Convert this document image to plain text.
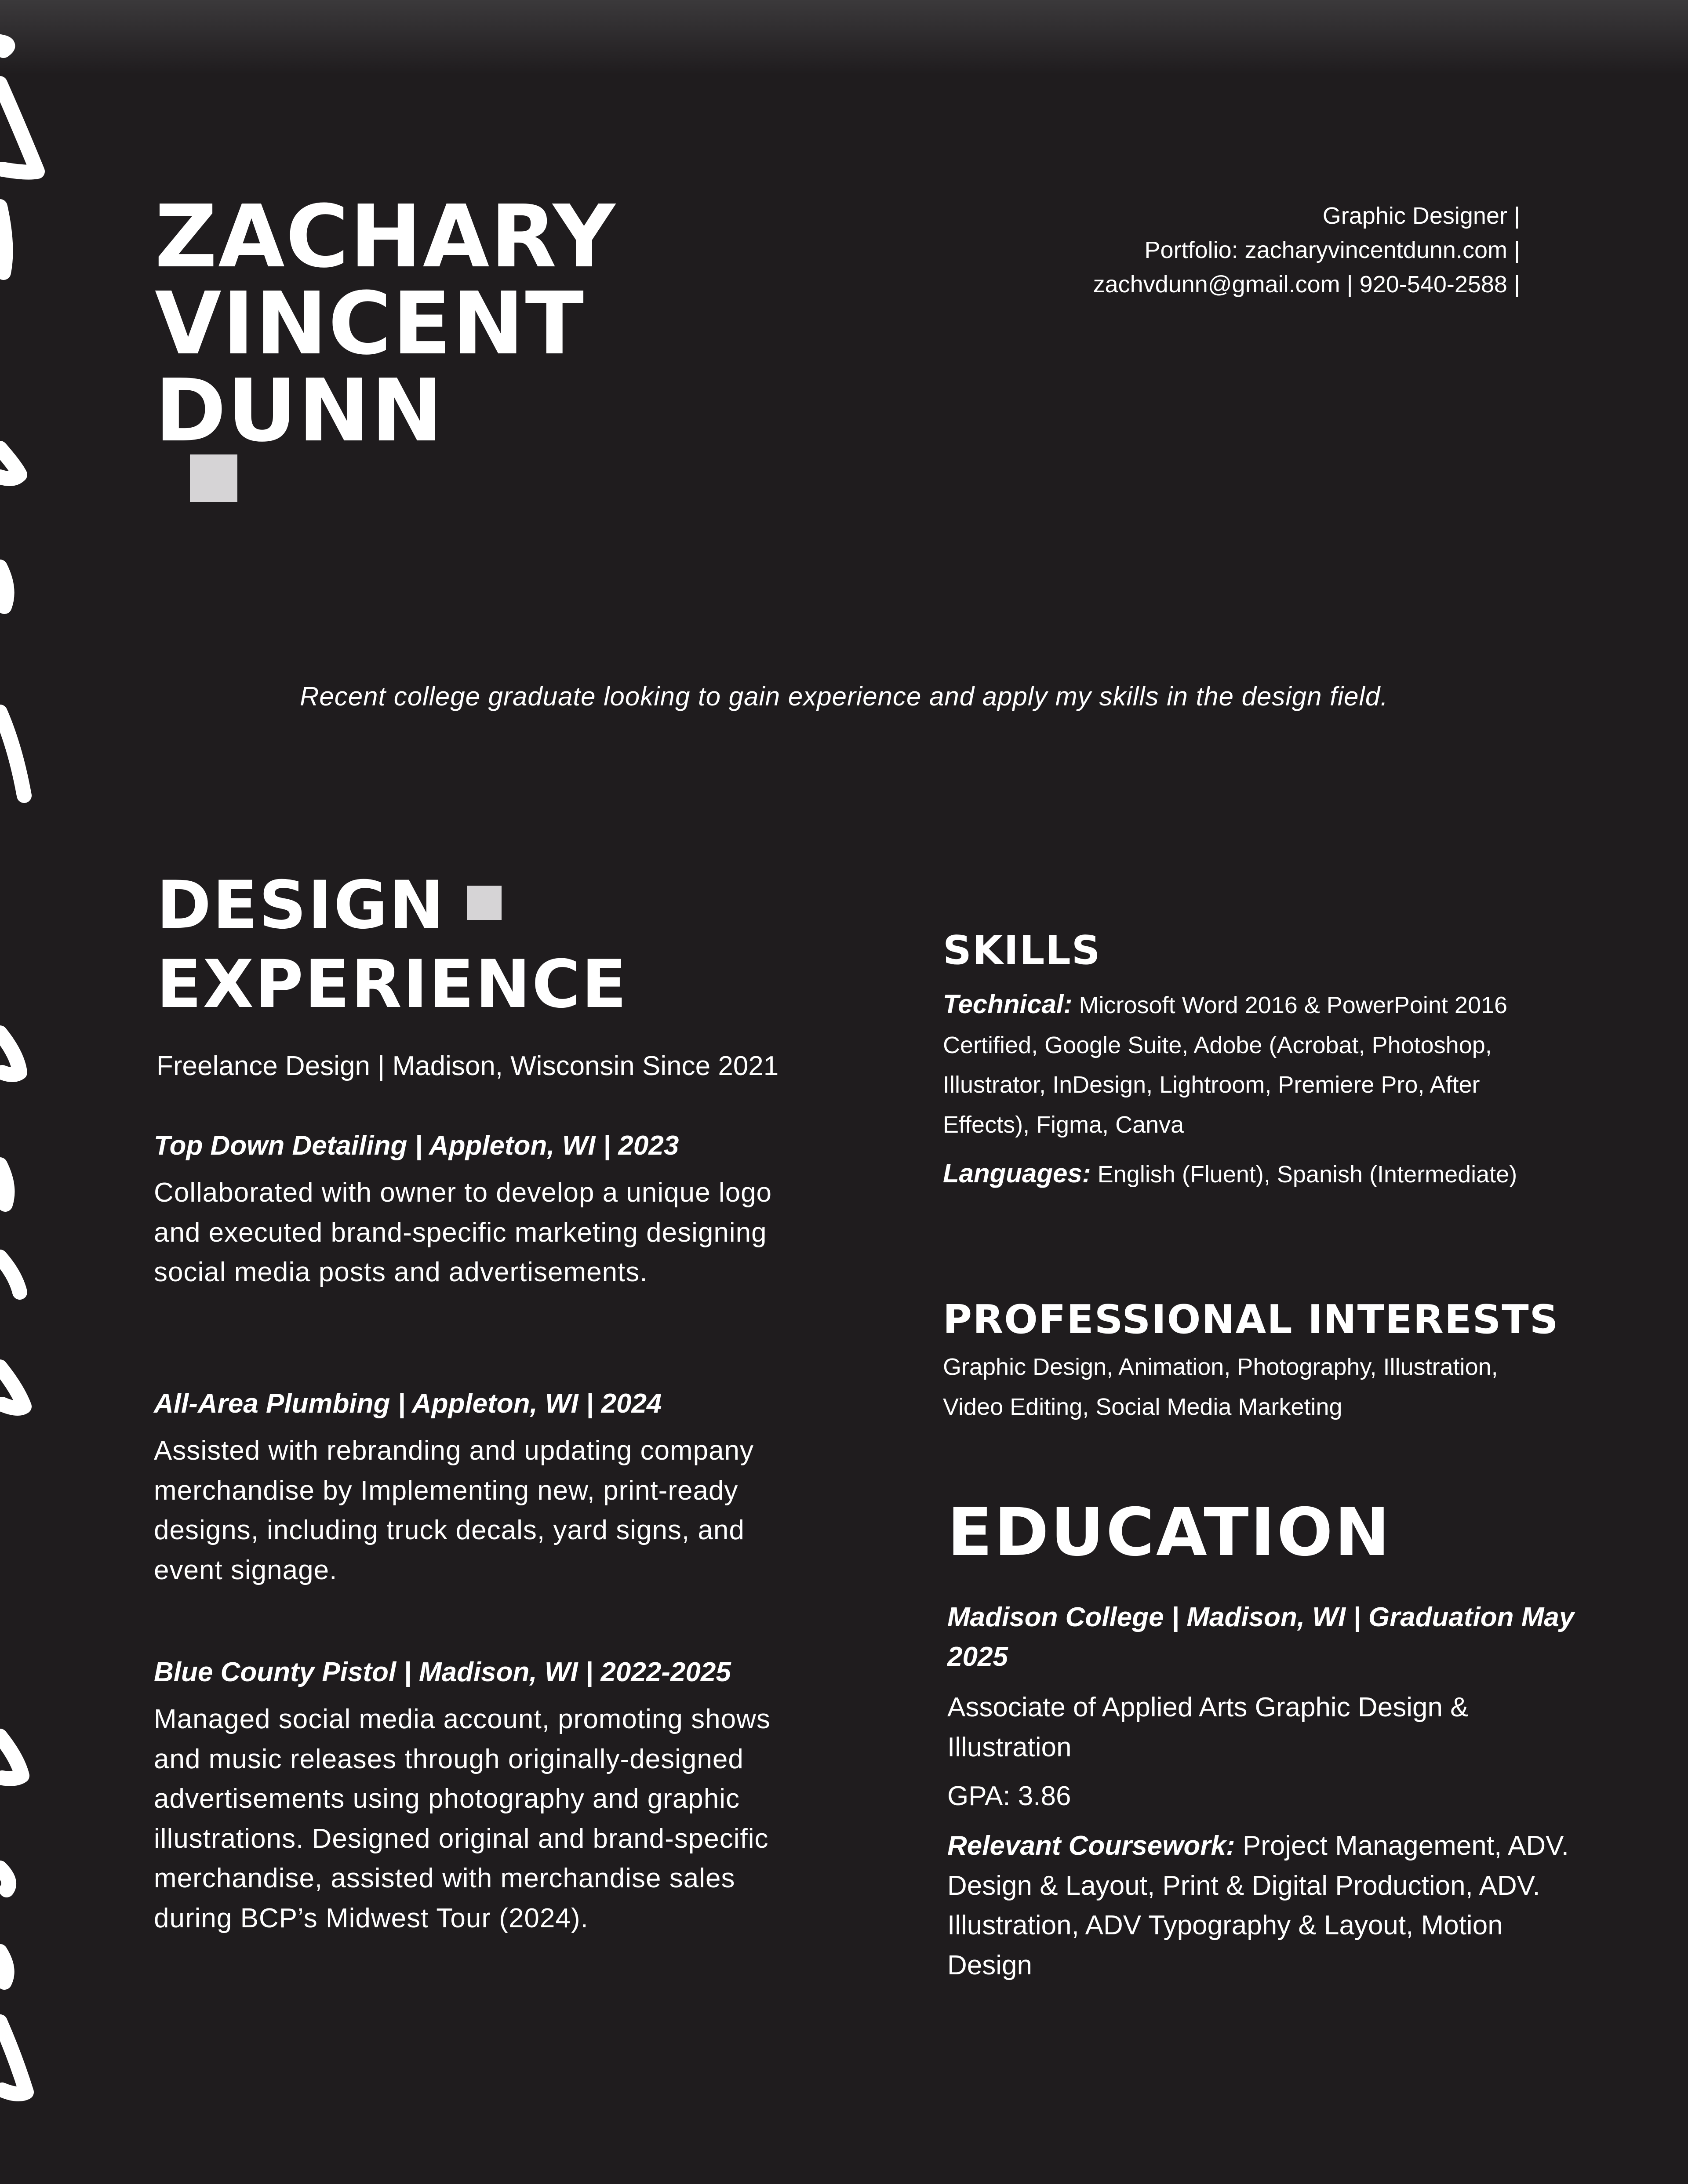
ZACHARY
VINCENT
DUNN
Graphic Designer |
Portfolio: zacharyvincentdunn.com |
zachvdunn@gmail.com | 920-540-2588 |
Recent college graduate looking to gain experience and apply my skills in the design field.
DESIGN
EXPERIENCE
Freelance Design | Madison, Wisconsin Since 2021

Top Down Detailing | Appleton, WI | 2023

Collaborated with owner to develop a unique logo and executed brand-specific marketing designing social media posts and advertisements.

All-Area Plumbing | Appleton, WI | 2024

Assisted with rebranding and updating company merchandise by Implementing new, print-ready designs, including truck decals, yard signs, and event signage.

Blue County Pistol | Madison, WI | 2022-2025

Managed social media account, promoting shows and music releases through originally-designed advertisements using photography and graphic illustrations. Designed original and brand-specific merchandise, assisted with merchandise sales during BCP’s Midwest Tour (2024).

SKILLS

Technical: Microsoft Word 2016 & PowerPoint 2016 Certified, Google Suite, Adobe (Acrobat, Photoshop, Illustrator, InDesign, Lightroom, Premiere Pro, After Effects), Figma, Canva

Languages: English (Fluent), Spanish (Intermediate)

PROFESSIONAL INTERESTS

Graphic Design, Animation, Photography, Illustration, Video Editing, Social Media Marketing

EDUCATION

Madison College | Madison, WI | Graduation May 2025

Associate of Applied Arts Graphic Design & Illustration

GPA: 3.86

Relevant Coursework: Project Management, ADV. Design & Layout, Print & Digital Production, ADV. Illustration, ADV Typography & Layout, Motion Design
